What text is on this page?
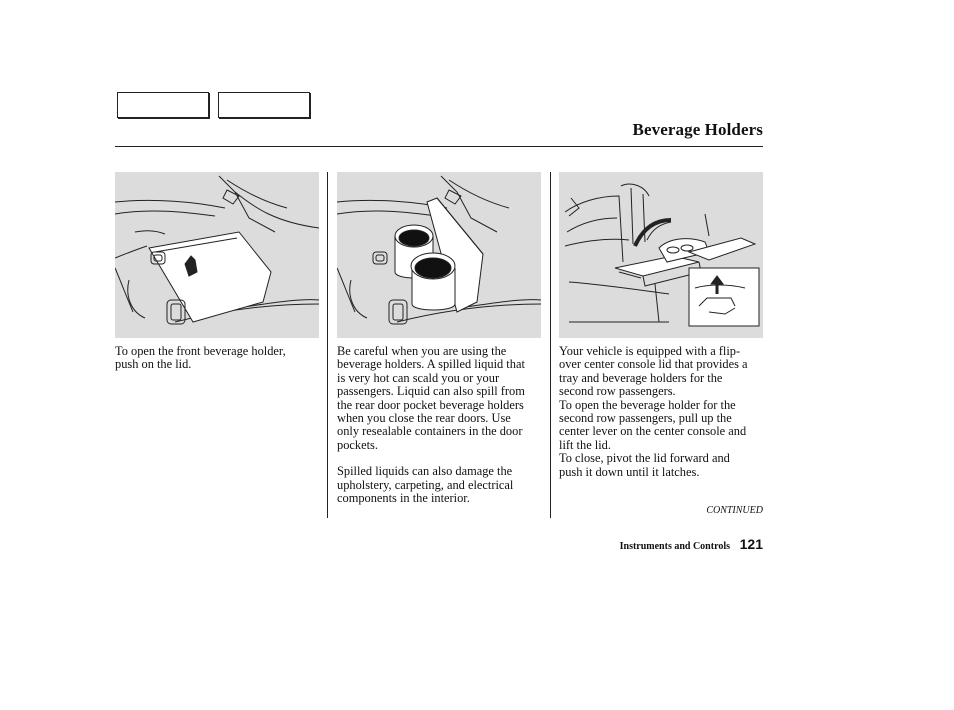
Beverage Holders

To open the front beverage holder, push on the lid.

Be careful when you are using the beverage holders. A spilled liquid that is very hot can scald you or your passengers. Liquid can also spill from the rear door pocket beverage holders when you close the rear doors. Use only resealable containers in the door pockets.

Spilled liquids can also damage the upholstery, carpeting, and electrical components in the interior.

Your vehicle is equipped with a flip-over center console lid that provides a tray and beverage holders for the second row passengers.

To open the beverage holder for the second row passengers, pull up the center lever on the center console and lift the lid.

To close, pivot the lid forward and push it down until it latches.

CONTINUED
Instruments and Controls 121
